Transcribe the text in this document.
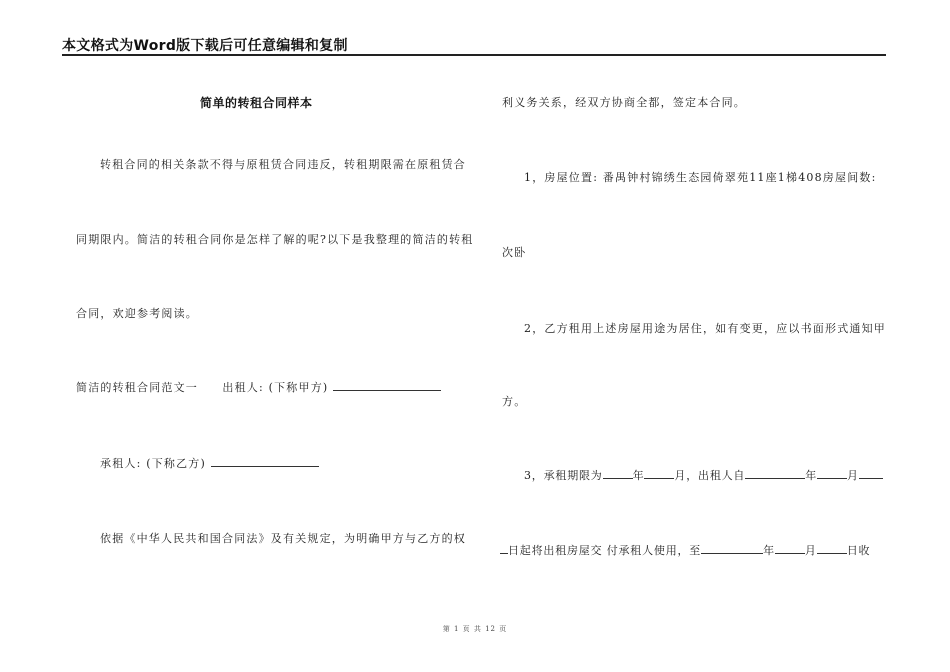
本文格式为Word版下载后可任意编辑和复制
简单的转租合同样本
转租合同的相关条款不得与原租赁合同违反，转租期限需在原租赁合
同期限内。简洁的转租合同你是怎样了解的呢?以下是我整理的简洁的转租
合同，欢迎参考阅读。
简洁的转租合同范文一　　出租人: (下称甲方)
承租人: (下称乙方)
依据《中华人民共和国合同法》及有关规定，为明确甲方与乙方的权
利义务关系，经双方协商全都，签定本合同。
1，房屋位置: 番禺钟村锦绣生态园倚翠苑11座1梯408房屋间数:
次卧
2，乙方租用上述房屋用途为居住，如有变更，应以书面形式通知甲
方。
3，承租期限为	年	月，出租人自	年	月
日起将出租房屋交 付承租人使用，至	年	月	日收
第 1 页 共 12 页
